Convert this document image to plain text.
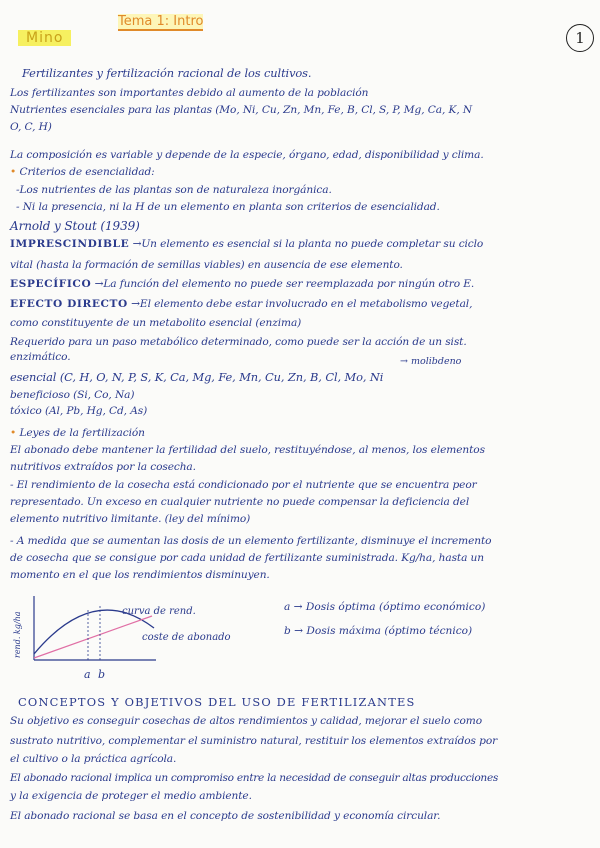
Mino
Tema 1: Intro
1
Fertilizantes y fertilización racional de los cultivos.
Los fertilizantes son importantes debido al aumento de la población
Nutrientes esenciales para las plantas (Mo, Ni, Cu, Zn, Mn, Fe, B, Cl, S, P, Mg, Ca, K, N
O, C, H)
La composición es variable y depende de la especie, órgano, edad, disponibilidad y clima.
• Criterios de esencialidad:
-Los nutrientes de las plantas son de naturaleza inorgánica.
- Ni la presencia, ni la H de un elemento en planta son criterios de esencialidad.
Arnold y Stout (1939)
IMPRESCINDIBLE →Un elemento es esencial si la planta no puede completar su ciclo
vital (hasta la formación de semillas viables) en ausencia de ese elemento.
ESPECÍFICO →La función del elemento no puede ser reemplazada por ningún otro E.
EFECTO DIRECTO →El elemento debe estar involucrado en el metabolismo vegetal,
como constituyente de un metabolito esencial (enzima)
Requerido para un paso metabólico determinado, como puede ser la acción de un sist.
enzimático.	→ molibdeno
esencial (C, H, O, N, P, S, K, Ca, Mg, Fe, Mn, Cu, Zn, B, Cl, Mo, Ni
beneficioso (Si, Co, Na)
tóxico (Al, Pb, Hg, Cd, As)
• Leyes de la fertilización
El abonado debe mantener la fertilidad del suelo, restituyéndose, al menos, los elementos
nutritivos extraídos por la cosecha.
- El rendimiento de la cosecha está condicionado por el nutriente que se encuentra peor
representado. Un exceso en cualquier nutriente no puede compensar la deficiencia del
elemento nutritivo limitante. (ley del mínimo)
- A medida que se aumentan las dosis de un elemento fertilizante, disminuye el incremento
de cosecha que se consigue por cada unidad de fertilizante suministrada. Kg/ha, hasta un
momento en el que los rendimientos disminuyen.
a b
rend. kg/ha	curva de rend.
coste de abonado
a → Dosis óptima (óptimo económico)
b → Dosis máxima (óptimo técnico)
CONCEPTOS Y OBJETIVOS DEL USO DE FERTILIZANTES
Su objetivo es conseguir cosechas de altos rendimientos y calidad, mejorar el suelo como
sustrato nutritivo, complementar el suministro natural, restituir los elementos extraídos por
el cultivo o la práctica agrícola.
El abonado racional implica un compromiso entre la necesidad de conseguir altas producciones
y la exigencia de proteger el medio ambiente.
El abonado racional se basa en el concepto de sostenibilidad y economía circular.
